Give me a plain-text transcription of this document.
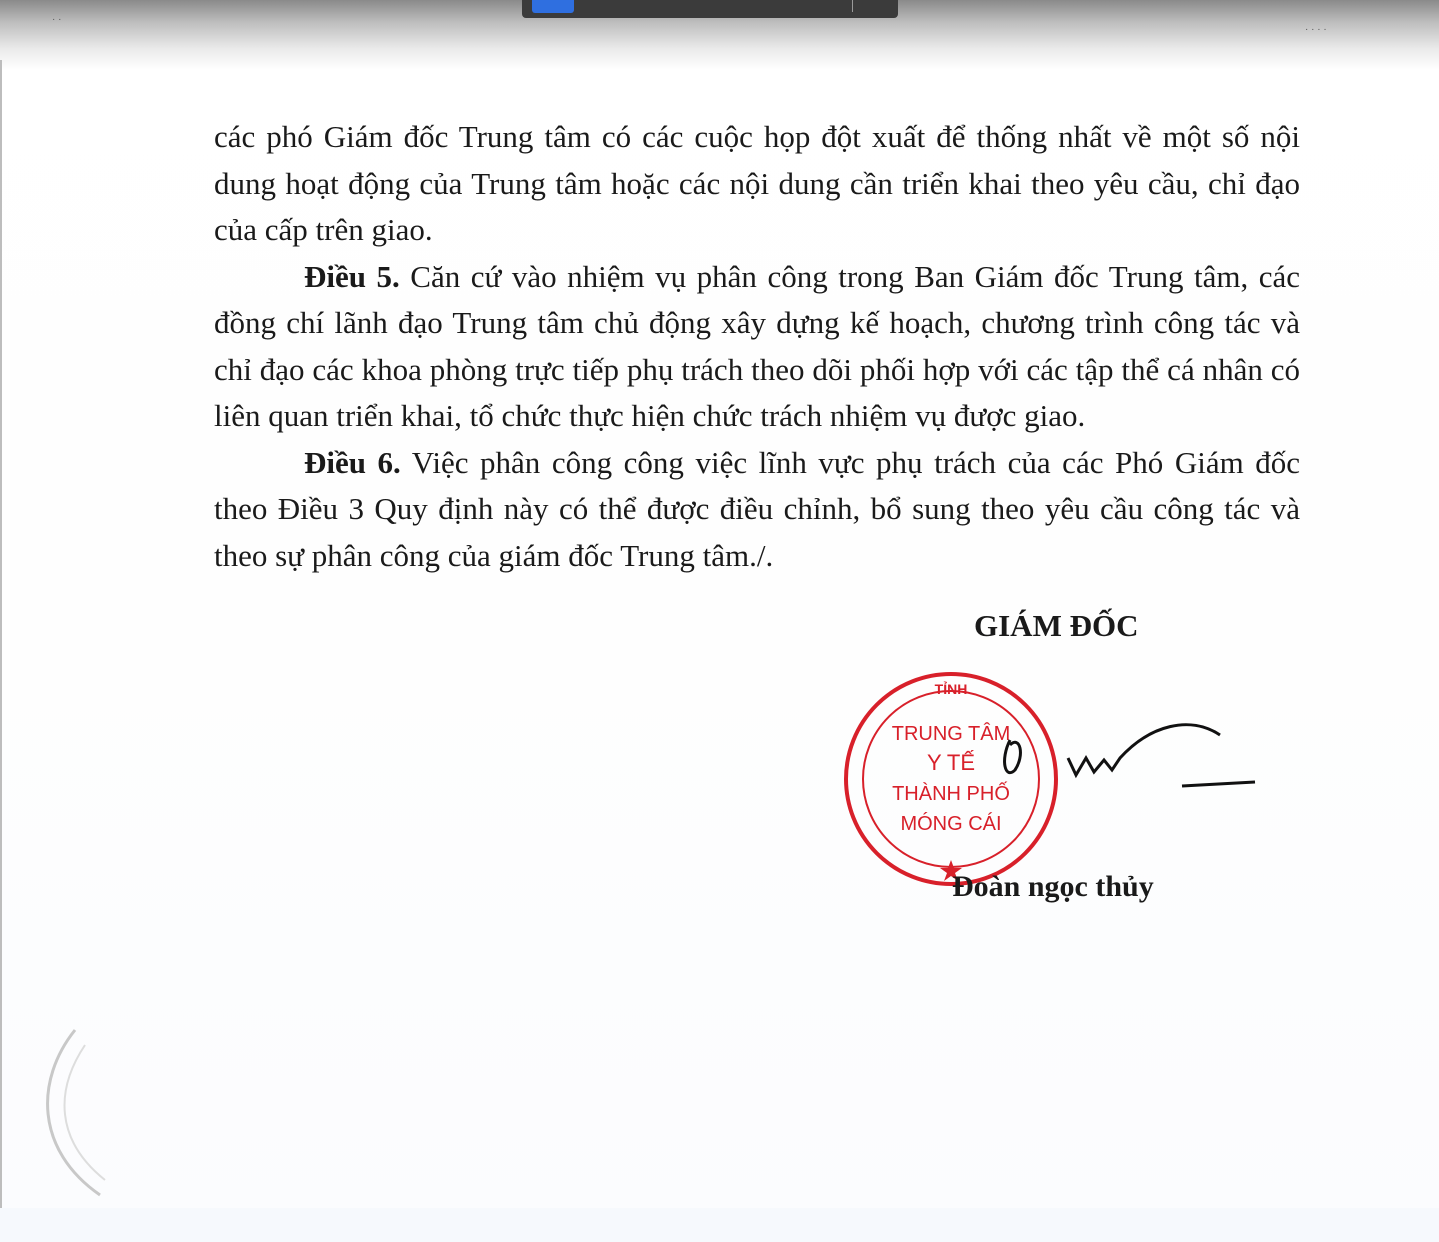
· ·
· · · ·

các phó Giám đốc Trung tâm có các cuộc họp đột xuất để thống nhất về một số nội dung hoạt động của Trung tâm hoặc các nội dung cần triển khai theo yêu cầu, chỉ đạo của cấp trên giao.

Điều 5. Căn cứ vào nhiệm vụ phân công trong Ban Giám đốc Trung tâm, các đồng chí lãnh đạo Trung tâm chủ động xây dựng kế hoạch, chương trình công tác và chỉ đạo các khoa phòng trực tiếp phụ trách theo dõi phối hợp với các tập thể cá nhân có liên quan triển khai, tổ chức thực hiện chức trách nhiệm vụ được giao.

Điều 6. Việc phân công công việc lĩnh vực phụ trách của các Phó Giám đốc theo Điều 3 Quy định này có thể được điều chỉnh, bổ sung theo yêu cầu công tác và theo sự phân công của giám đốc Trung tâm./.

GIÁM ĐỐC
TỈNH
TRUNG TÂM
Y TẾ
THÀNH PHỐ
MÓNG CÁI
Đoàn ngọc thủy
